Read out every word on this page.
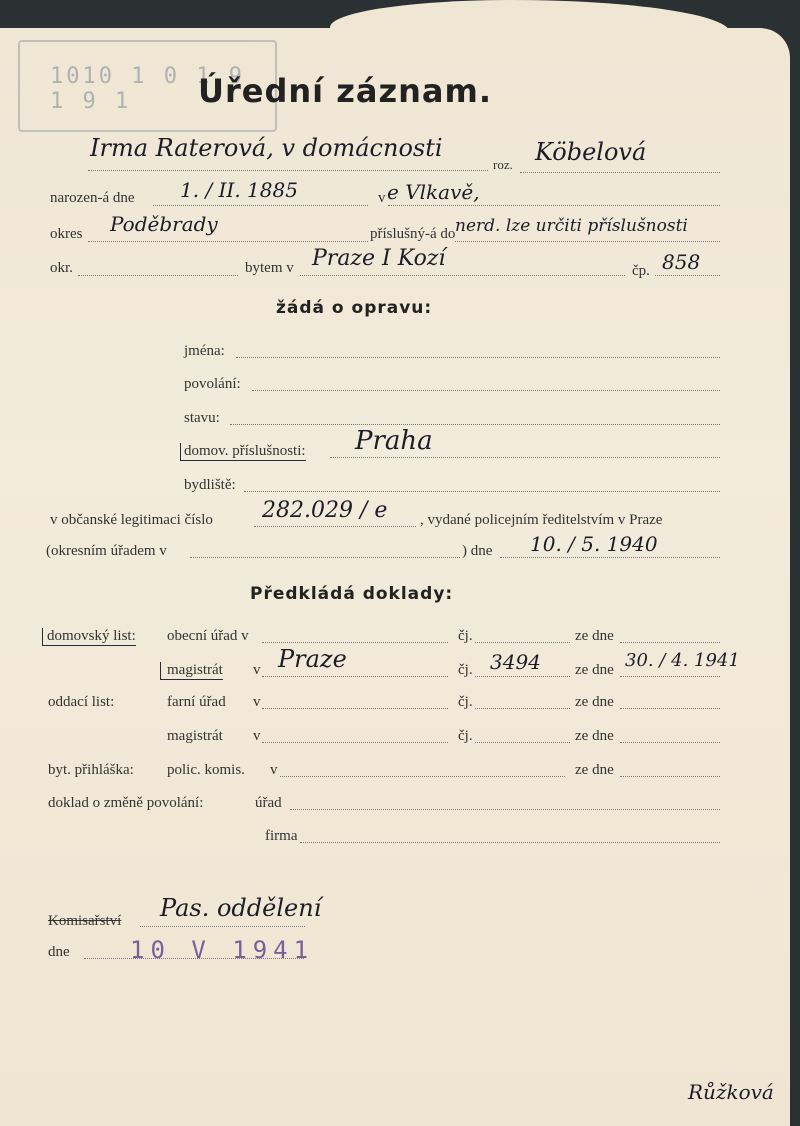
1010 1 0 1 9 1 9 1	Úřední záznam.
Irma Raterová, v domácnosti
roz. Köbelová
narozen-á dne 1. / II. 1885	v e Vlkavě,
okres Poděbrady	příslušný-á do nerd. lze určiti příslušnosti
okr.	bytem v Praze I Kozí	čp. 858
žádá o opravu:
jména:
povolání:
stavu:
domov. příslušnosti: Praha
bydliště:
v občanské legitimaci číslo 282.029 / e , vydané policejním ředitelstvím v Praze
(okresním úřadem v	) dne 10. / 5. 1940
Předkládá doklady:
domovský list: obecní úřad v	čj.	ze dne
magistrát v Praze	čj. 3494 ze dne 30. / 4. 1941
oddací list:	farní úřad v	čj.	ze dne
magistrát v	čj.	ze dne
byt. přihláška: polic. komis. v	ze dne
doklad o změně povolání:	úřad
firma
Komisařství Pas. oddělení
dne	10 V 1941
Růžková
